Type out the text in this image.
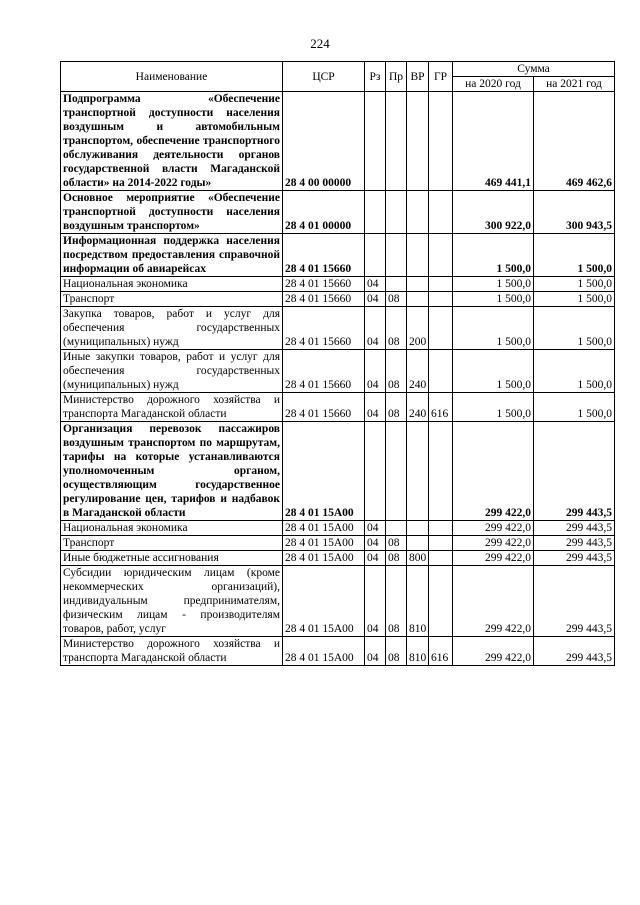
224
Наименование	ЦСР	Рз	Пр	ВР	ГР	Сумма	
						на 2020 год	на 2021 год
Подпрограмма «Обеспечение транспортной доступности населения воздушным и автомобильным транспортом, обеспечение транспортного обслуживания деятельности органов государственной власти Магаданской области» на 2014-2022 годы»	28 4 00 00000					469 441,1	469 462,6
Основное мероприятие «Обеспечение транспортной доступности населения воздушным транспортом»	28 4 01 00000					300 922,0	300 943,5
Информационная поддержка населения посредством предоставления справочной информации об авиарейсах	28 4 01 15660					1 500,0	1 500,0
Национальная экономика	28 4 01 15660	04				1 500,0	1 500,0
Транспорт	28 4 01 15660	04	08			1 500,0	1 500,0
Закупка товаров, работ и услуг для обеспечения государственных (муниципальных) нужд	28 4 01 15660	04	08	200		1 500,0	1 500,0
Иные закупки товаров, работ и услуг для обеспечения государственных (муниципальных) нужд	28 4 01 15660	04	08	240		1 500,0	1 500,0
Министерство дорожного хозяйства и транспорта Магаданской области	28 4 01 15660	04	08	240	616	1 500,0	1 500,0
Организация перевозок пассажиров воздушным транспортом по маршрутам, тарифы на которые устанавливаются уполномоченным органом, осуществляющим государственное регулирование цен, тарифов и надбавок в Магаданской области	28 4 01 15А00					299 422,0	299 443,5
Национальная экономика	28 4 01 15А00	04				299 422,0	299 443,5
Транспорт	28 4 01 15А00	04	08			299 422,0	299 443,5
Иные бюджетные ассигнования	28 4 01 15А00	04	08	800		299 422,0	299 443,5
Субсидии юридическим лицам (кроме некоммерческих организаций), индивидуальным предпринимателям, физическим лицам - производителям товаров, работ, услуг	28 4 01 15А00	04	08	810		299 422,0	299 443,5
Министерство дорожного хозяйства и транспорта Магаданской области	28 4 01 15А00	04	08	810	616	299 422,0	299 443,5
